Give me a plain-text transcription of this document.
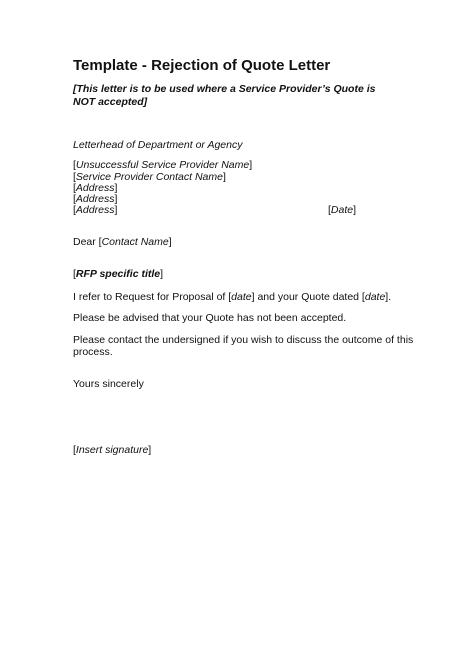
Template - Rejection of Quote Letter
[This letter is to be used where a Service Provider’s Quote is NOT accepted]
Letterhead of Department or Agency
[Unsuccessful Service Provider Name]
[Service Provider Contact Name]
[Address]
[Address]
[Address]	[Date]
Dear [Contact Name]
[RFP specific title]
I refer to Request for Proposal of [date] and your Quote dated [date].
Please be advised that your Quote has not been accepted.
Please contact the undersigned if you wish to discuss the outcome of this
process.
Yours sincerely
[Insert signature]
